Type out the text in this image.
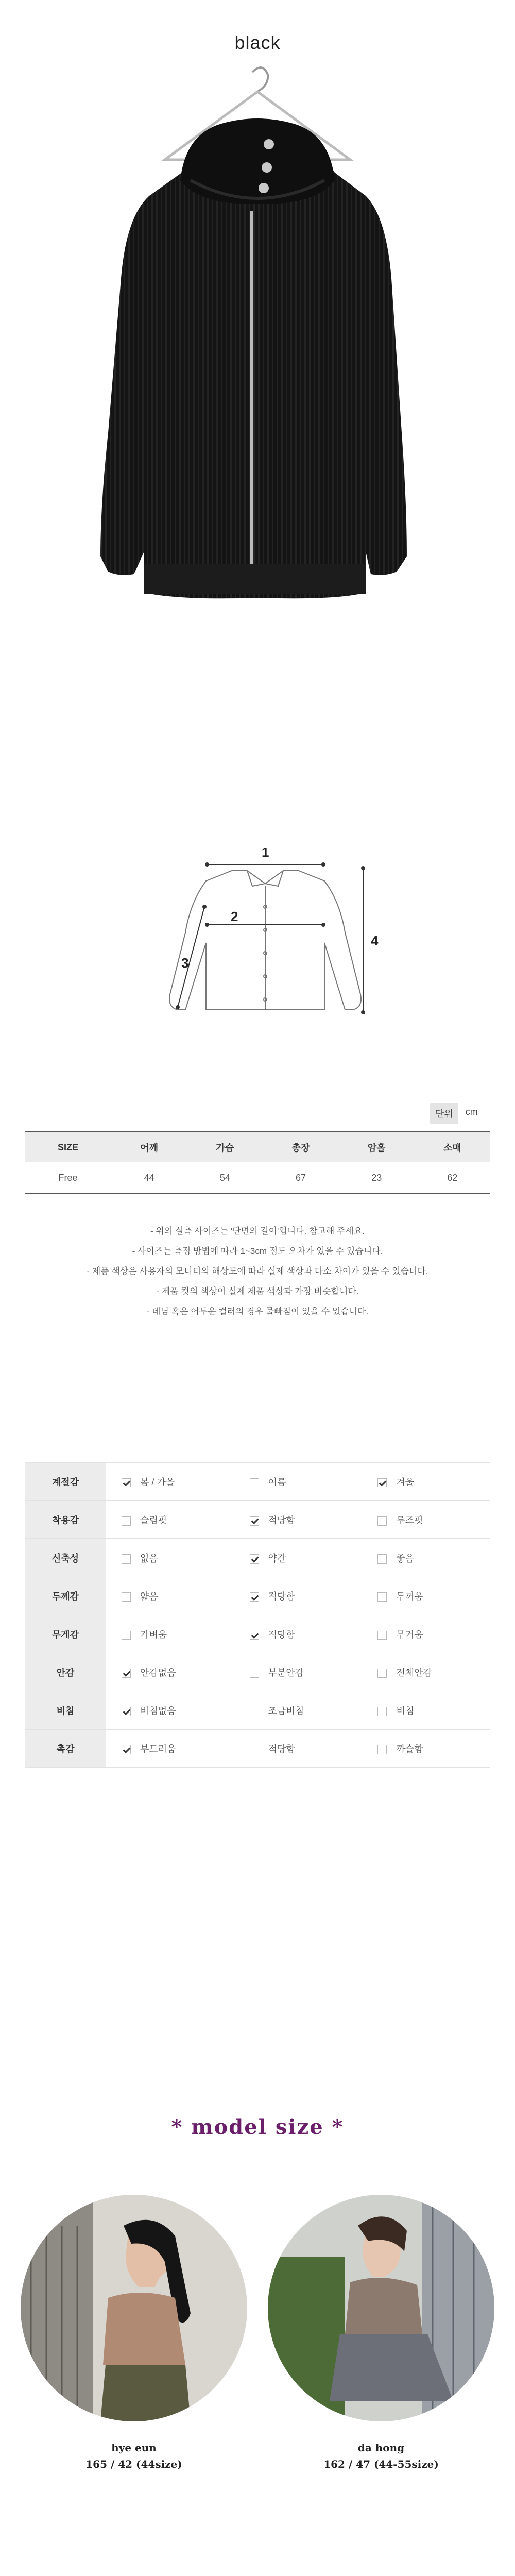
black
1
2
3
4
단위	cm
SIZE	어깨	가슴	총장	암홀	소매
Free	44	54	67	23	62
- 위의 실측 사이즈는 '단면의 길이'입니다. 참고해 주세요.
- 사이즈는 측정 방법에 따라 1~3cm 정도 오차가 있을 수 있습니다.
- 제품 색상은 사용자의 모니터의 해상도에 따라 실제 색상과 다소 차이가 있을 수 있습니다.
- 제품 컷의 색상이 실제 제품 색상과 가장 비슷합니다.
- 데님 혹은 어두운 컬러의 경우 물빠짐이 있을 수 있습니다.
계절감	봄 / 가을	여름	겨울
착용감	슬림핏	적당함	루즈핏
신축성	없음	약간	좋음
두께감	얇음	적당함	두꺼움
무게감	가벼움	적당함	무거움
안감	안감없음	부분안감	전체안감
비침	비침없음	조금비침	비침
촉감	부드러움	적당함	까슬함
* model size *
hye eun
165 / 42 (44size)
da hong
162 / 47 (44-55size)
